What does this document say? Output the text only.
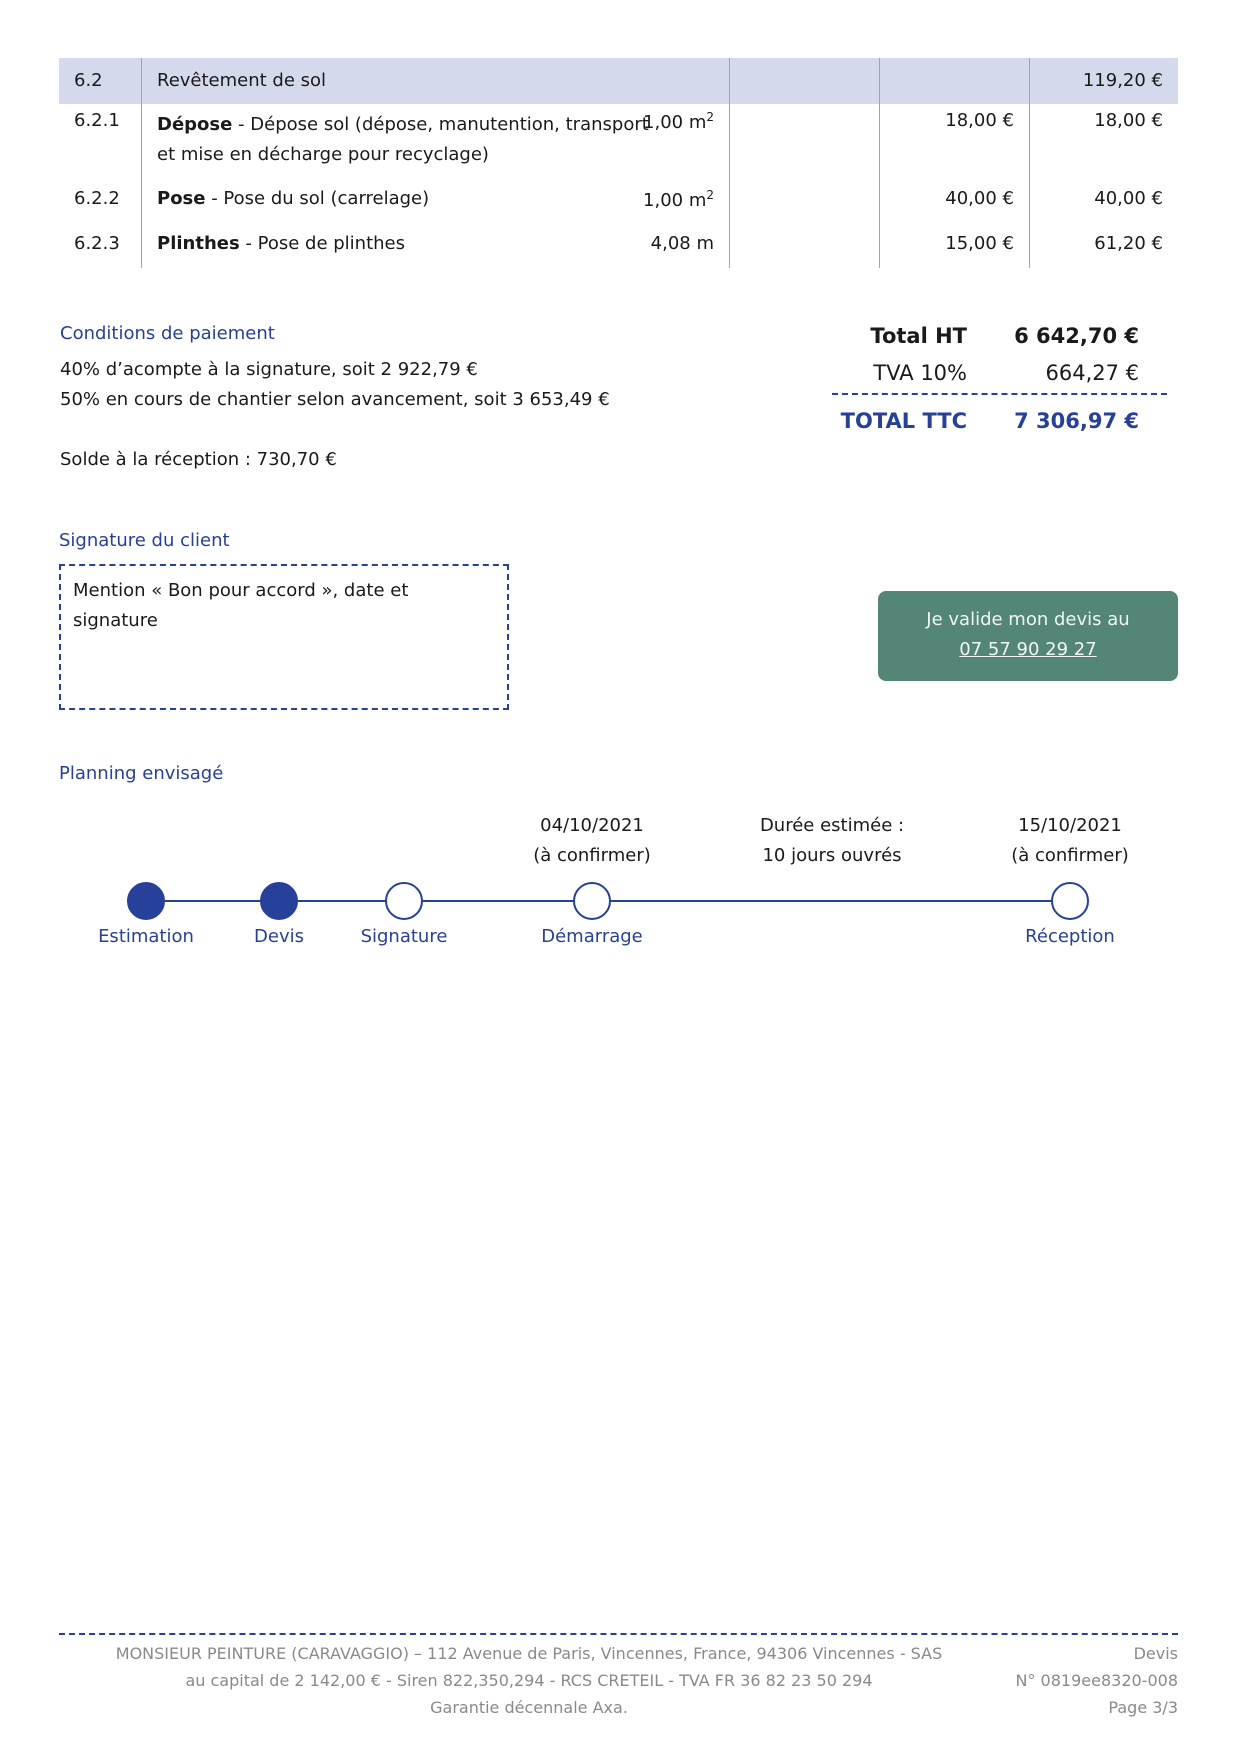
6.2	Revêtement de sol	119,20 €
6.2.1 Dépose - Dépose sol (dépose, manutention, transport
et mise en décharge pour recyclage)
1,00 $m^2$	18,00 €	18,00 €
6.2.2 Pose - Pose du sol (carrelage)	1,00 $m^2$	40,00 €	40,00 €
6.2.3 Plinthes - Pose de plinthes	4,08 m	15,00 €	61,20 €
Conditions de paiement
40% d’acompte à la signature, soit 2 922,79 €
50% en cours de chantier selon avancement, soit 3 653,49 €
Solde à la réception : 730,70 €
Total HT 6 642,70 €
TVA 10%	664,27 €
TOTAL TTC 7 306,97 €
Signature du client
Mention « Bon pour accord », date et signature	Je valide mon devis au
07 57 90 29 27
Planning envisagé
04/10/2021
(à confirmer)
Durée estimée :
10 jours ouvrés
15/10/2021
(à confirmer)
Estimation	Devis	Signature	Démarrage	Réception
MONSIEUR PEINTURE (CARAVAGGIO) – 112 Avenue de Paris, Vincennes, France, 94306 Vincennes - SAS
au capital de 2 142,00 € - Siren 822,350,294 - RCS CRETEIL - TVA FR 36 82 23 50 294
Garantie décennale Axa.
Devis
N° 0819ee8320-008
Page 3/3
